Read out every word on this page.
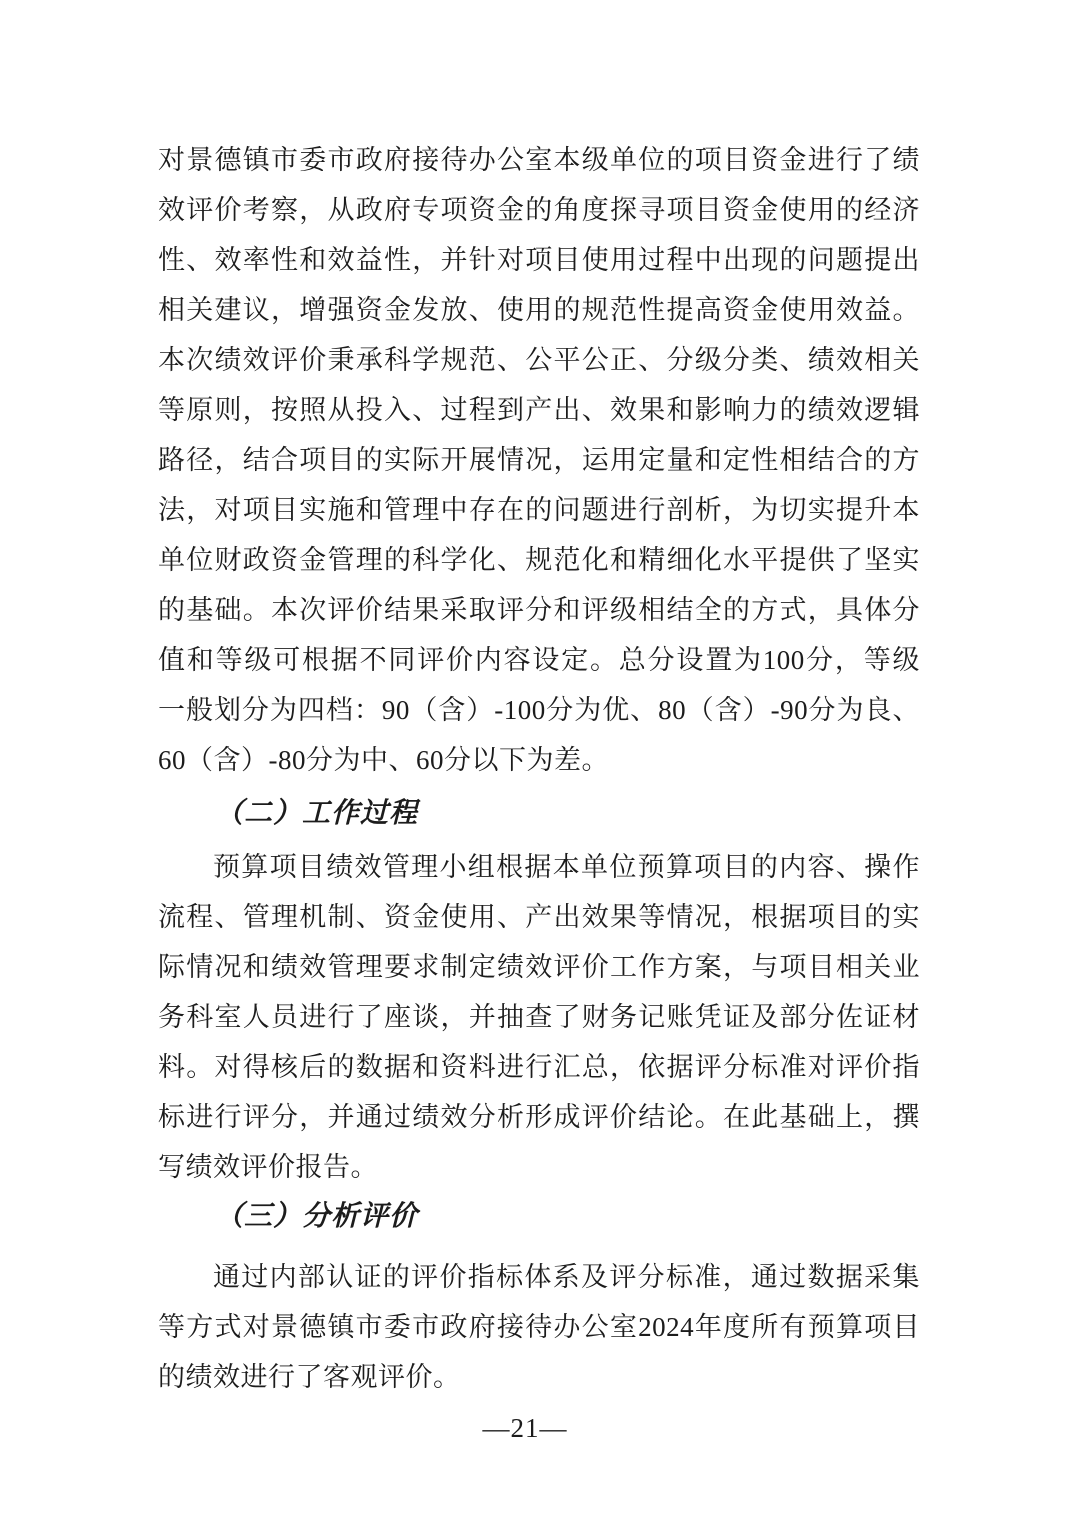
对景德镇市委市政府接待办公室本级单位的项目资金进行了绩
效评价考察，从政府专项资金的角度探寻项目资金使用的经济
性、效率性和效益性，并针对项目使用过程中出现的问题提出
相关建议，增强资金发放、使用的规范性提高资金使用效益。
本次绩效评价秉承科学规范、公平公正、分级分类、绩效相关
等原则，按照从投入、过程到产出、效果和影响力的绩效逻辑
路径，结合项目的实际开展情况，运用定量和定性相结合的方
法，对项目实施和管理中存在的问题进行剖析，为切实提升本
单位财政资金管理的科学化、规范化和精细化水平提供了坚实
的基础。本次评价结果采取评分和评级相结全的方式，具体分
值和等级可根据不同评价内容设定。总分设置为100分，等级
一般划分为四档：90（含）-100分为优、80（含）-90分为良、
60（含）-80分为中、60分以下为差。
（二）工作过程
预算项目绩效管理小组根据本单位预算项目的内容、操作
流程、管理机制、资金使用、产出效果等情况，根据项目的实
际情况和绩效管理要求制定绩效评价工作方案，与项目相关业
务科室人员进行了座谈，并抽查了财务记账凭证及部分佐证材
料。对得核后的数据和资料进行汇总，依据评分标准对评价指
标进行评分，并通过绩效分析形成评价结论。在此基础上，撰
写绩效评价报告。
（三）分析评价
通过内部认证的评价指标体系及评分标准，通过数据采集
等方式对景德镇市委市政府接待办公室2024年度所有预算项目
的绩效进行了客观评价。
—21—
